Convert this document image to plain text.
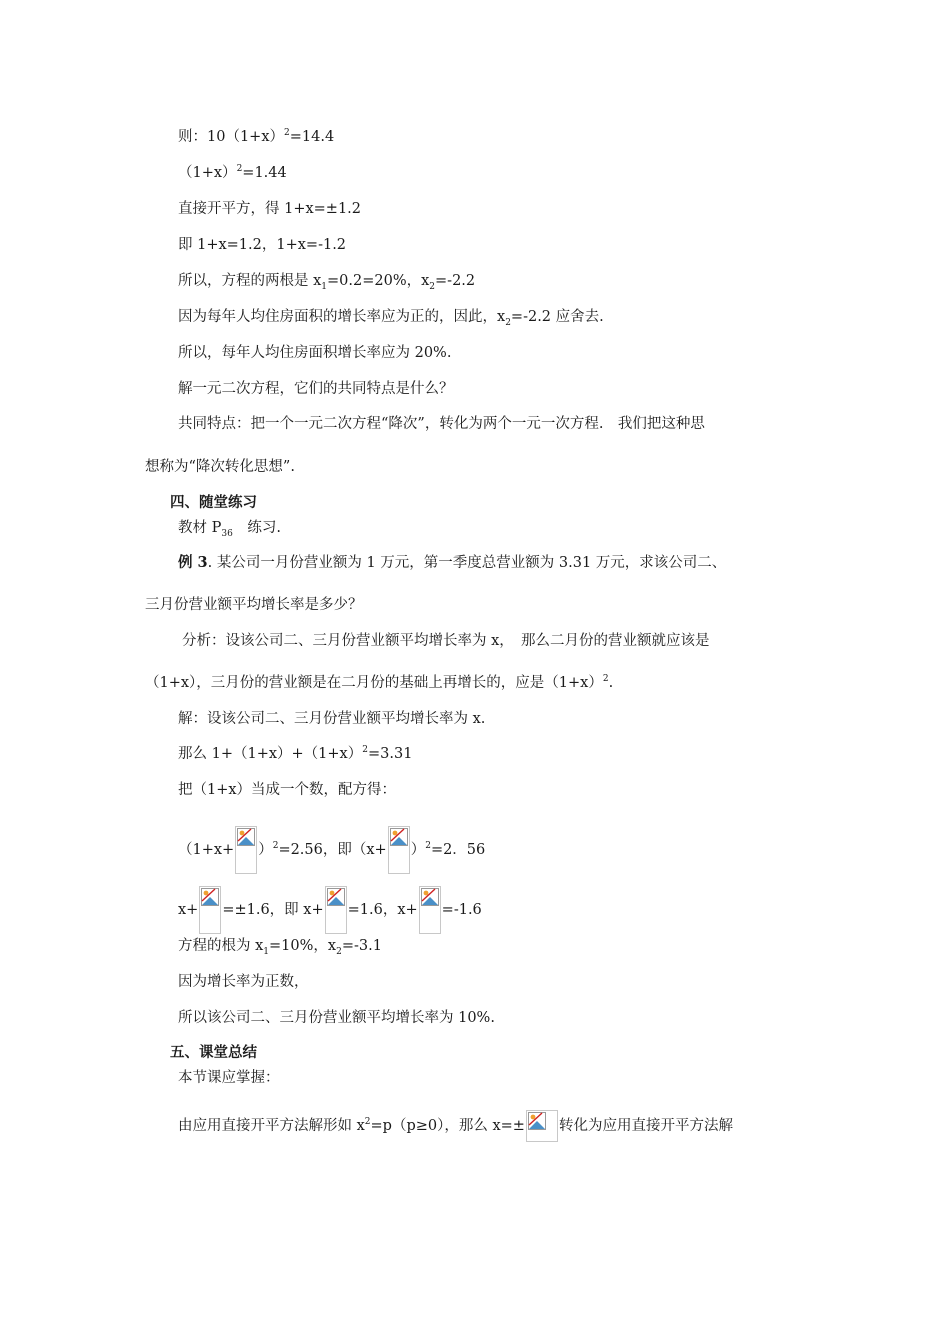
则：$10(1+x)^2=14.4$
$(1+x)^2=1.44$
直接开平方，得 1+x=±1.2
即 1+x=1.2，1+x=-1.2
所以，方程的两根是 $x_1=0.2=20\%$，$x_2=-2.2$
因为每年人均住房面积的增长率应为正的，因此，$x_2=-2.2$ 应舍去.
所以，每年人均住房面积增长率应为 20%.
解一元二次方程，它们的共同特点是什么？
共同特点：把一个一元二次方程“降次”，转化为两个一元一次方程.　我们把这种思
想称为“降次转化思想”.
四、随堂练习
教材 $P_{36}$　练习.
例 3. 某公司一月份营业额为 1 万元，第一季度总营业额为 3.31 万元，求该公司二、
三月份营业额平均增长率是多少？
分析：设该公司二、三月份营业额平均增长率为 x，　那么二月份的营业额就应该是
（1+x），三月份的营业额是在二月份的基础上再增长的，应是$(1+x)^2$.
解：设该公司二、三月份营业额平均增长率为 x.
那么 $1+(1+x)+(1+x)^2=3.31$
把（1+x）当成一个数，配方得：
$(1+x+ )^2=2.56$，即$(x+ )^2=2$．56
x+ =±1.6，即 x+ =1.6，x+ =-1.6
方程的根为 $x_1=10\%$，$x_2=-3.1$
因为增长率为正数，
所以该公司二、三月份营业额平均增长率为 10%.
五、课堂总结
本节课应掌握：
由应用直接开平方法解形如 $x^2=p(p\ge 0)$，那么 x=± 转化为应用直接开平方法解
